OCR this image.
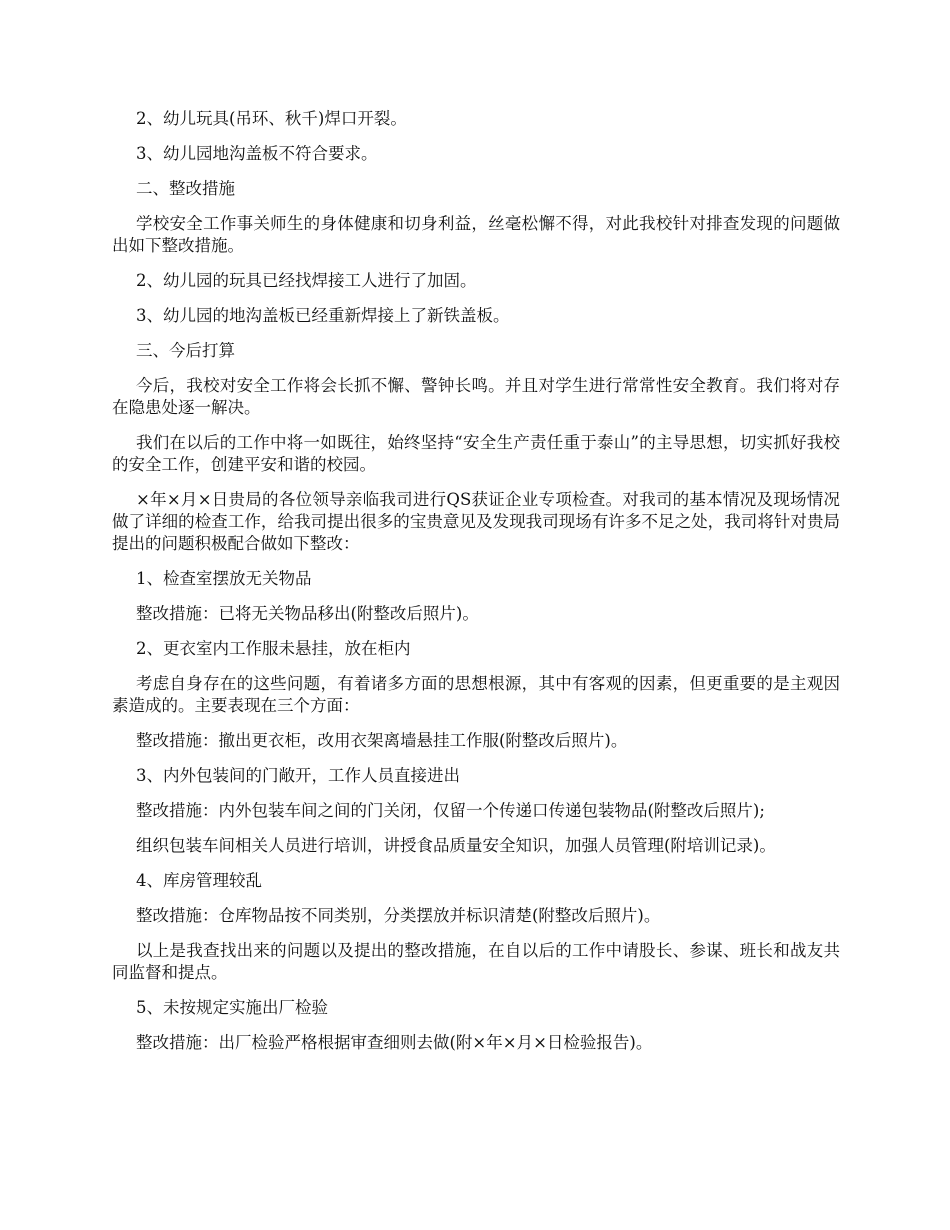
2、幼儿玩具(吊环、秋千)焊口开裂。

3、幼儿园地沟盖板不符合要求。

二、整改措施

学校安全工作事关师生的身体健康和切身利益，丝毫松懈不得，对此我校针对排查发现的问题做出如下整改措施。

2、幼儿园的玩具已经找焊接工人进行了加固。

3、幼儿园的地沟盖板已经重新焊接上了新铁盖板。

三、今后打算

今后，我校对安全工作将会长抓不懈、警钟长鸣。并且对学生进行常常性安全教育。我们将对存在隐患处逐一解决。

我们在以后的工作中将一如既往，始终坚持“安全生产责任重于泰山”的主导思想，切实抓好我校的安全工作，创建平安和谐的校园。

×年×月×日贵局的各位领导亲临我司进行QS获证企业专项检查。对我司的基本情况及现场情况做了详细的检查工作，给我司提出很多的宝贵意见及发现我司现场有许多不足之处，我司将针对贵局提出的问题积极配合做如下整改：

1、检查室摆放无关物品

整改措施：已将无关物品移出(附整改后照片)。

2、更衣室内工作服未悬挂，放在柜内

考虑自身存在的这些问题，有着诸多方面的思想根源，其中有客观的因素，但更重要的是主观因素造成的。主要表现在三个方面：

整改措施：撤出更衣柜，改用衣架离墙悬挂工作服(附整改后照片)。

3、内外包装间的门敞开，工作人员直接进出

整改措施：内外包装车间之间的门关闭，仅留一个传递口传递包装物品(附整改后照片);

组织包装车间相关人员进行培训，讲授食品质量安全知识，加强人员管理(附培训记录)。

4、库房管理较乱

整改措施：仓库物品按不同类别，分类摆放并标识清楚(附整改后照片)。

以上是我查找出来的问题以及提出的整改措施，在自以后的工作中请股长、参谋、班长和战友共同监督和提点。

5、未按规定实施出厂检验

整改措施：出厂检验严格根据审查细则去做(附×年×月×日检验报告)。
